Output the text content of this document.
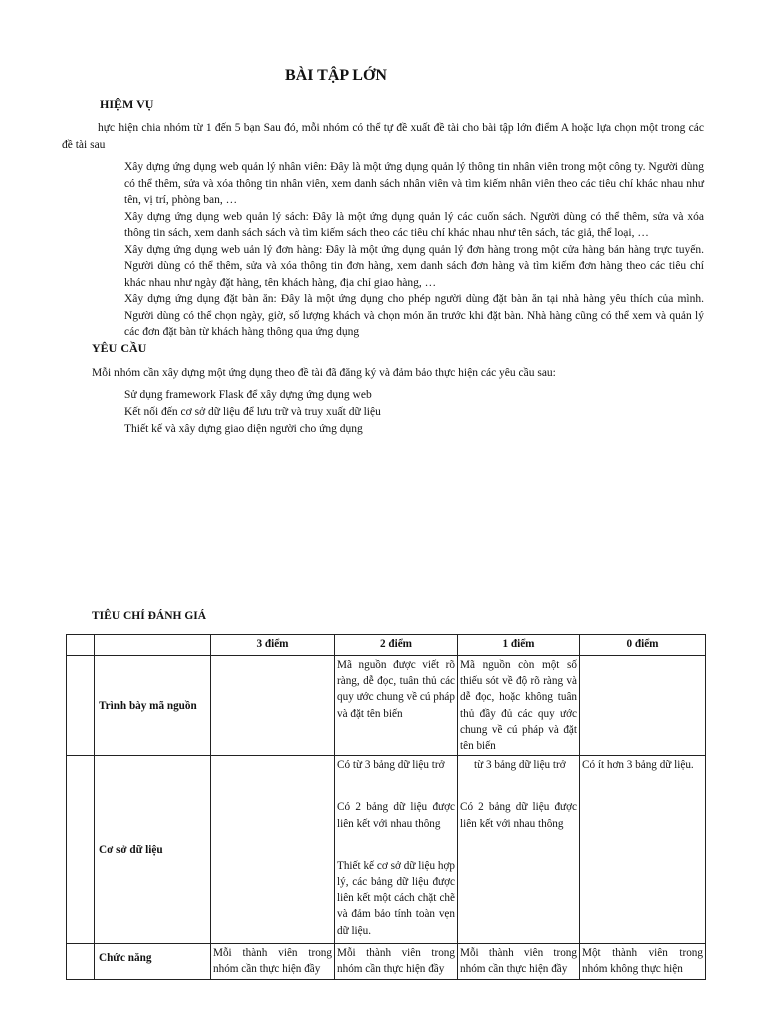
BÀI TẬP LỚN
HIỆM VỤ
hực hiện chia nhóm từ 1 đến 5 bạn Sau đó, mỗi nhóm có thể tự đề xuất đề tài cho bài tập lớn điểm A hoặc lựa chọn một trong các đề tài sau
Xây dựng ứng dụng web quản lý nhân viên: Đây là một ứng dụng quản lý thông tin nhân viên trong một công ty. Người dùng có thể thêm, sửa và xóa thông tin nhân viên, xem danh sách nhân viên và tìm kiếm nhân viên theo các tiêu chí khác nhau như tên, vị trí, phòng ban, …
Xây dựng ứng dụng web quản lý sách: Đây là một ứng dụng quản lý các cuốn sách. Người dùng có thể thêm, sửa và xóa thông tin sách, xem danh sách sách và tìm kiếm sách theo các tiêu chí khác nhau như tên sách, tác giả, thể loại, …
Xây dựng ứng dụng web uản lý đơn hàng: Đây là một ứng dụng quản lý đơn hàng trong một cửa hàng bán hàng trực tuyến. Người dùng có thể thêm, sửa và xóa thông tin đơn hàng, xem danh sách đơn hàng và tìm kiếm đơn hàng theo các tiêu chí khác nhau như ngày đặt hàng, tên khách hàng, địa chỉ giao hàng, …
Xây dựng ứng dụng đặt bàn ăn: Đây là một ứng dụng cho phép người dùng đặt bàn ăn tại nhà hàng yêu thích của mình. Người dùng có thể chọn ngày, giờ, số lượng khách và chọn món ăn trước khi đặt bàn. Nhà hàng cũng có thể xem và quản lý các đơn đặt bàn từ khách hàng thông qua ứng dụng
YÊU CẦU
Mỗi nhóm cần xây dựng một ứng dụng theo đề tài đã đăng ký và đảm bảo thực hiện các yêu cầu sau:
Sử dụng framework Flask để xây dựng ứng dụng web
Kết nối đến cơ sở dữ liệu để lưu trữ và truy xuất dữ liệu
Thiết kế và xây dựng giao diện người cho ứng dụng
TIÊU CHÍ ĐÁNH GIÁ
		3 điểm	2 điểm	1 điểm	0 điểm
	Trình bày mã nguồn		Mã nguồn được viết rõ ràng, dễ đọc, tuân thủ các quy ước chung về cú pháp và đặt tên biến	Mã nguồn còn một số thiếu sót về độ rõ ràng và dễ đọc, hoặc không tuân thủ đầy đủ các quy ước chung về cú pháp và đặt tên biến	
	Cơ sở dữ liệu		Có từ 3 bảng dữ liệu trở
Có 2 bảng dữ liệu được liên kết với nhau thông
Thiết kế cơ sở dữ liệu hợp lý, các bảng dữ liệu được liên kết một cách chặt chẽ và đảm bảo tính toàn vẹn dữ liệu.	từ 3 bảng dữ liệu trở
Có 2 bảng dữ liệu được liên kết với nhau thông	Có ít hơn 3 bảng dữ liệu.
	Chức năng	Mỗi thành viên trong nhóm cần thực hiện đầy	Mỗi thành viên trong nhóm cần thực hiện đầy	Mỗi thành viên trong nhóm cần thực hiện đầy	Một thành viên trong nhóm không thực hiện
